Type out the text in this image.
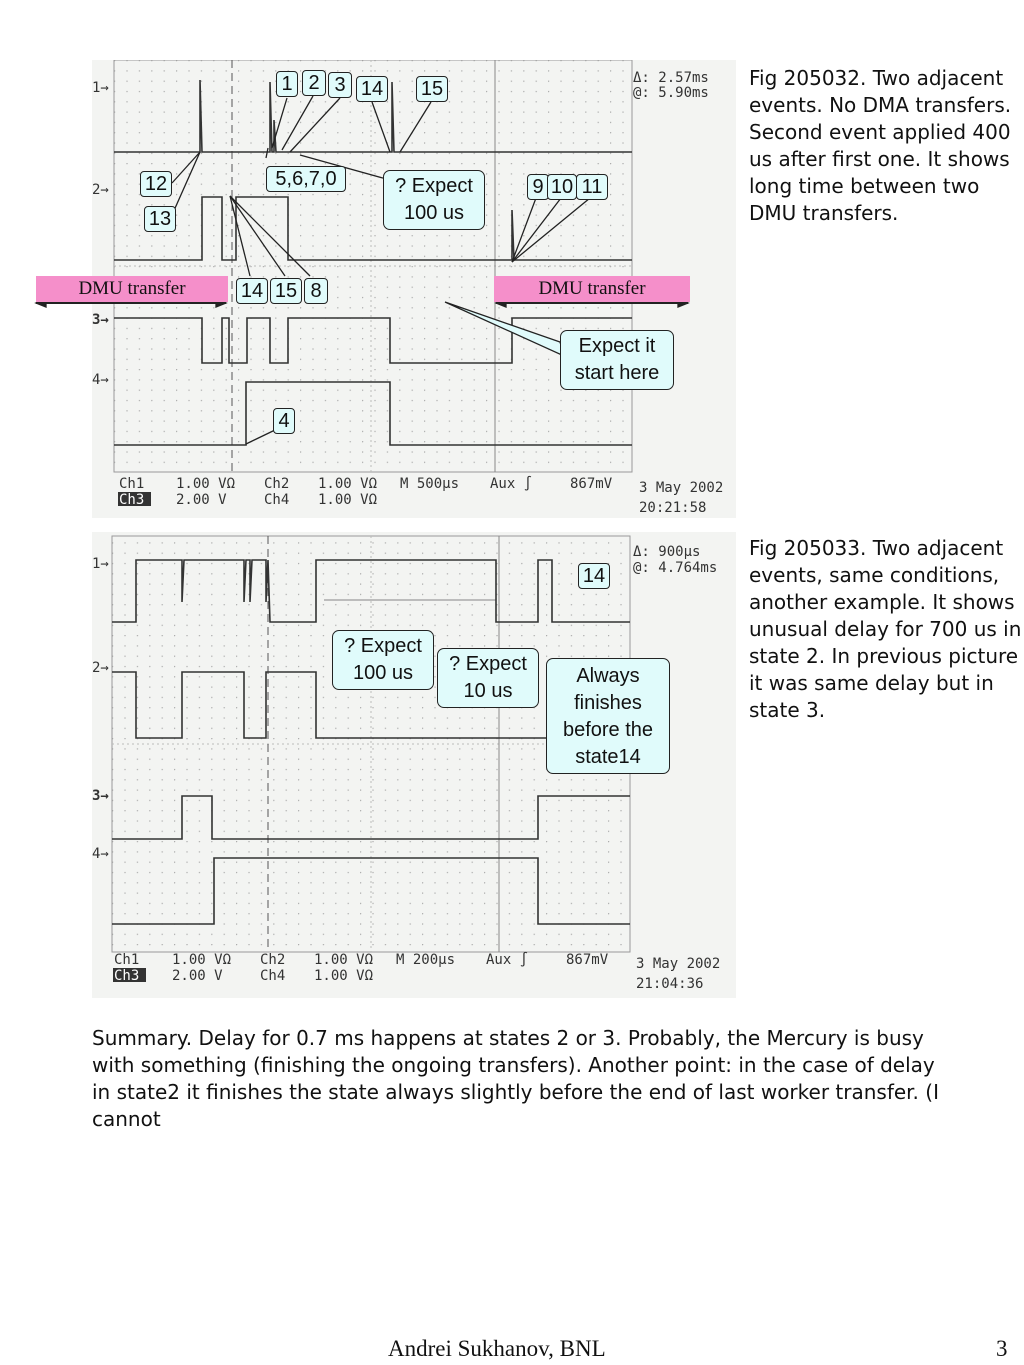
1→
2→
3→
4→
Δ: 2.57ms
@: 5.90ms
Ch1 1.00 VΩ Ch2 1.00 VΩ M 500μs Aux ∫	867mV
Ch3 2.00 V	Ch4 1.00 VΩ
3 May 2002
20:21:58
1 2 3 14 15
12
13
5,6,7,0	9 10 11
14 15 8
4
? Expect 100 us
Expect it start here
DMU transfer	DMU transfer
Fig 205032. Two adjacent events. No DMA transfers. Second event applied 400 us after first one. It shows long time between two DMU transfers.
1→
2→
3→
4→
Δ: 900μs
@: 4.764ms
Ch1 1.00 VΩ Ch2 1.00 VΩ M 200μs Aux ∫	867mV
Ch3 2.00 V	Ch4 1.00 VΩ
3 May 2002
21:04:36
14
? Expect 100 us	? Expect 10 us
Always finishes before the state14
Fig 205033. Two adjacent events, same conditions, another example. It shows unusual delay for 700 us in state 2. In previous picture it was same delay but in state 3.
Summary. Delay for 0.7 ms happens at states 2 or 3. Probably, the Mercury is busy with something (finishing the ongoing transfers). Another point: in the case of delay in state2 it finishes the state always slightly before the end of last worker transfer. (I cannot
Andrei Sukhanov, BNL	3
